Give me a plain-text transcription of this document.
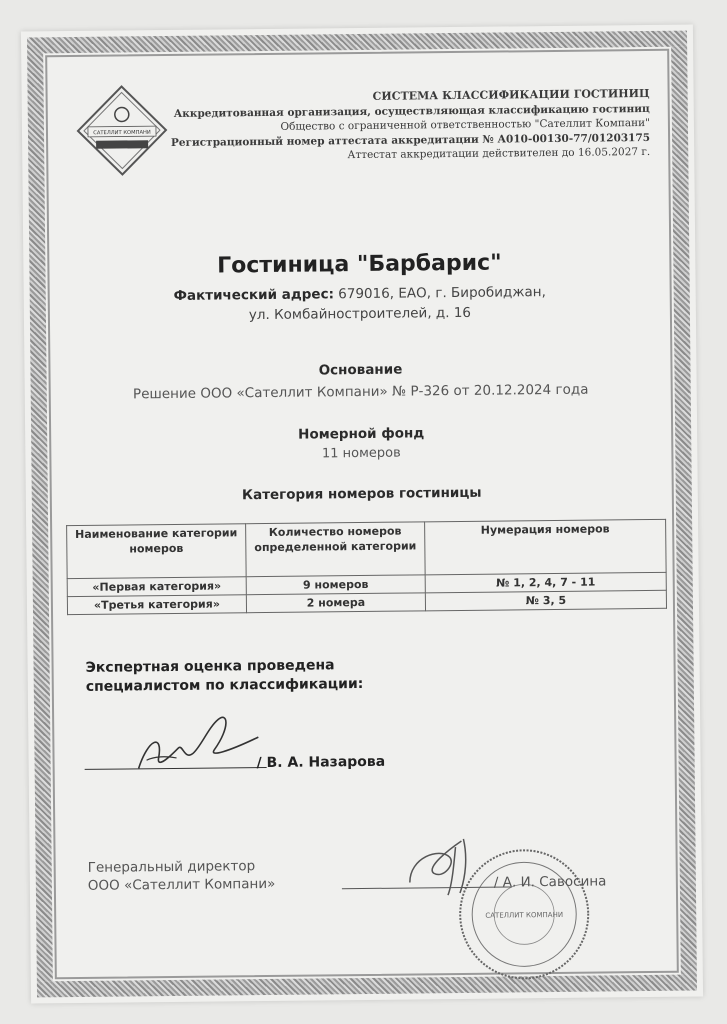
САТЕЛЛИТ КОМПАНИ
СИСТЕМА КЛАССИФИКАЦИИ ГОСТИНИЦ
Аккредитованная организация, осуществляющая классификацию гостиниц
Общество с ограниченной ответственностью "Сателлит Компани"
Регистрационный номер аттестата аккредитации № А010-00130-77/01203175
Аттестат аккредитации действителен до 16.05.2027 г.
Гостиница "Барбарис"
Фактический адрес: 679016, ЕАО, г. Биробиджан,
ул. Комбайностроителей, д. 16
Основание
Решение ООО «Сателлит Компани» № Р-326 от 20.12.2024 года
Номерной фонд
11 номеров
Категория номеров гостиницы
Наименование категории номеров	Количество номеров определенной категории	Нумерация номеров
«Первая категория»	9 номеров	№ 1, 2, 4, 7 - 11
«Третья категория»	2 номера	№ 3, 5
Экспертная оценка проведена
специалистом по классификации:
/ В. А. Назарова
Генеральный директор
ООО «Сателлит Компани»
САТЕЛЛИТ КОМПАНИ
/ А. И. Савосина
